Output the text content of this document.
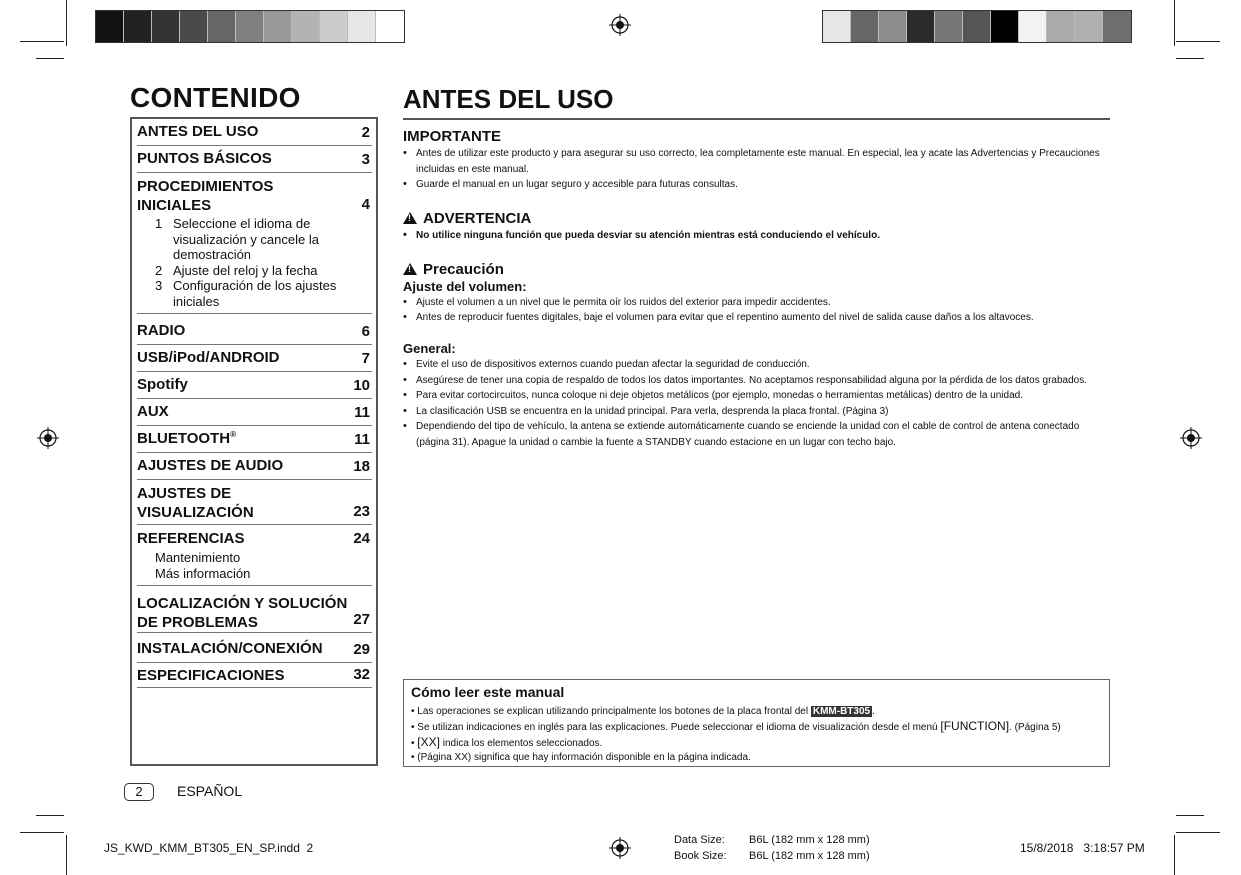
CONTENIDO
ANTES DEL USO	2
PUNTOS BÁSICOS	3
PROCEDIMIENTOS
INICIALES	4
1 Seleccione el idioma de
visualización y cancele la
demostración
2 Ajuste del reloj y la fecha
3 Configuración de los ajustes
iniciales
RADIO	6
USB/iPod/ANDROID	7
Spotify	10
AUX	11
BLUETOOTH®	11
AJUSTES DE AUDIO	18
AJUSTES DE
VISUALIZACIÓN	23
REFERENCIAS	24
Mantenimiento
Más información
LOCALIZACIÓN Y SOLUCIÓN
DE PROBLEMAS	27
INSTALACIÓN/CONEXIÓN	29
ESPECIFICACIONES	32
ANTES DEL USO
IMPORTANTE
• Antes de utilizar este producto y para asegurar su uso correcto, lea completamente este manual. En especial, lea y acate las Advertencias y Precauciones
incluidas en este manual.
• Guarde el manual en un lugar seguro y accesible para futuras consultas.
!ADVERTENCIA
• No utilice ninguna función que pueda desviar su atención mientras está conduciendo el vehículo.
!Precaución
Ajuste del volumen:
• Ajuste el volumen a un nivel que le permita oír los ruidos del exterior para impedir accidentes.
• Antes de reproducir fuentes digitales, baje el volumen para evitar que el repentino aumento del nivel de salida cause daños a los altavoces.
General:
• Evite el uso de dispositivos externos cuando puedan afectar la seguridad de conducción.
• Asegúrese de tener una copia de respaldo de todos los datos importantes. No aceptamos responsabilidad alguna por la pérdida de los datos grabados.
• Para evitar cortocircuitos, nunca coloque ni deje objetos metálicos (por ejemplo, monedas o herramientas metálicas) dentro de la unidad.
• La clasificación USB se encuentra en la unidad principal. Para verla, desprenda la placa frontal. (Página 3)
• Dependiendo del tipo de vehículo, la antena se extiende automáticamente cuando se enciende la unidad con el cable de control de antena conectado
(página 31). Apague la unidad o cambie la fuente a STANDBY cuando estacione en un lugar con techo bajo.
Cómo leer este manual
• Las operaciones se explican utilizando principalmente los botones de la placa frontal del KMM-BT305 .
• Se utilizan indicaciones en inglés para las explicaciones. Puede seleccionar el idioma de visualización desde el menú [FUNCTION]. (Página 5)
• [XX] indica los elementos seleccionados.
• (Página XX) significa que hay información disponible en la página indicada.
2	ESPAÑOL
JS_KWD_KMM_BT305_EN_SP.indd 2
Data Size: B6L (182 mm x 128 mm)
Book Size: B6L (182 mm x 128 mm)
15/8/2018 3:18:57 PM
